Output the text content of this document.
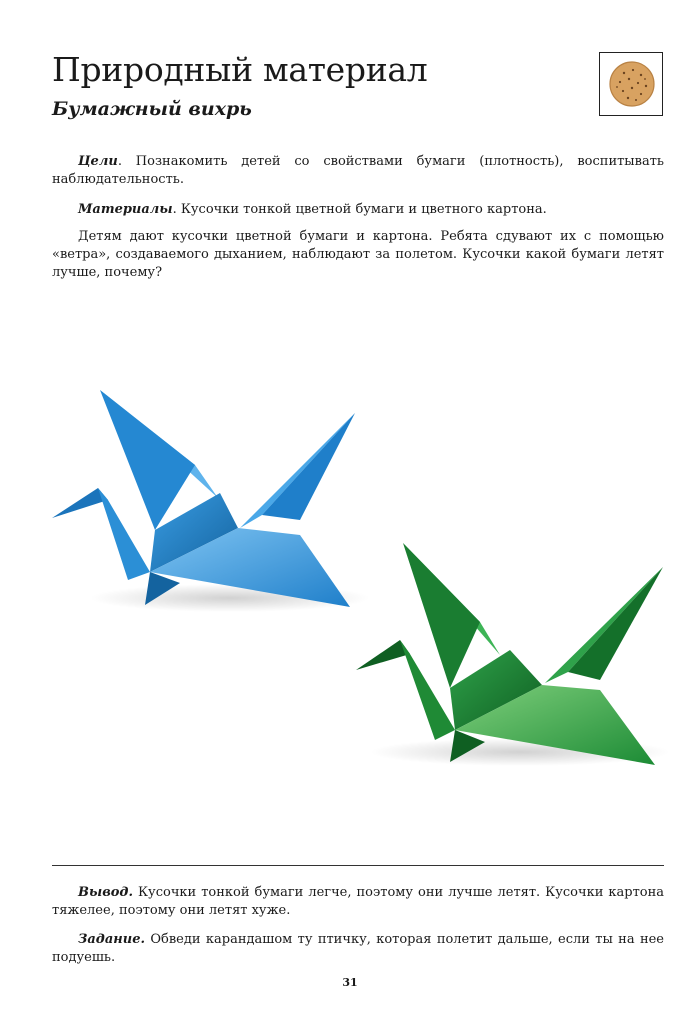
Природный материал
Бумажный вихрь

Цели. Познакомить детей со свойствами бумаги (плотность), воспитывать наблюдательность.

Материалы. Кусочки тонкой цветной бумаги и цветного картона.

Детям дают кусочки цветной бумаги и картона. Ребята сдувают их с помощью «ветра», создаваемого дыханием, наблюдают за полетом. Кусочки какой бумаги летят лучше, почему?

Вывод. Кусочки тонкой бумаги легче, поэтому они лучше летят. Кусочки картона тяжелее, поэтому они летят хуже.

Задание. Обведи карандашом ту птичку, которая полетит дальше, если ты на нее подуешь.

31
